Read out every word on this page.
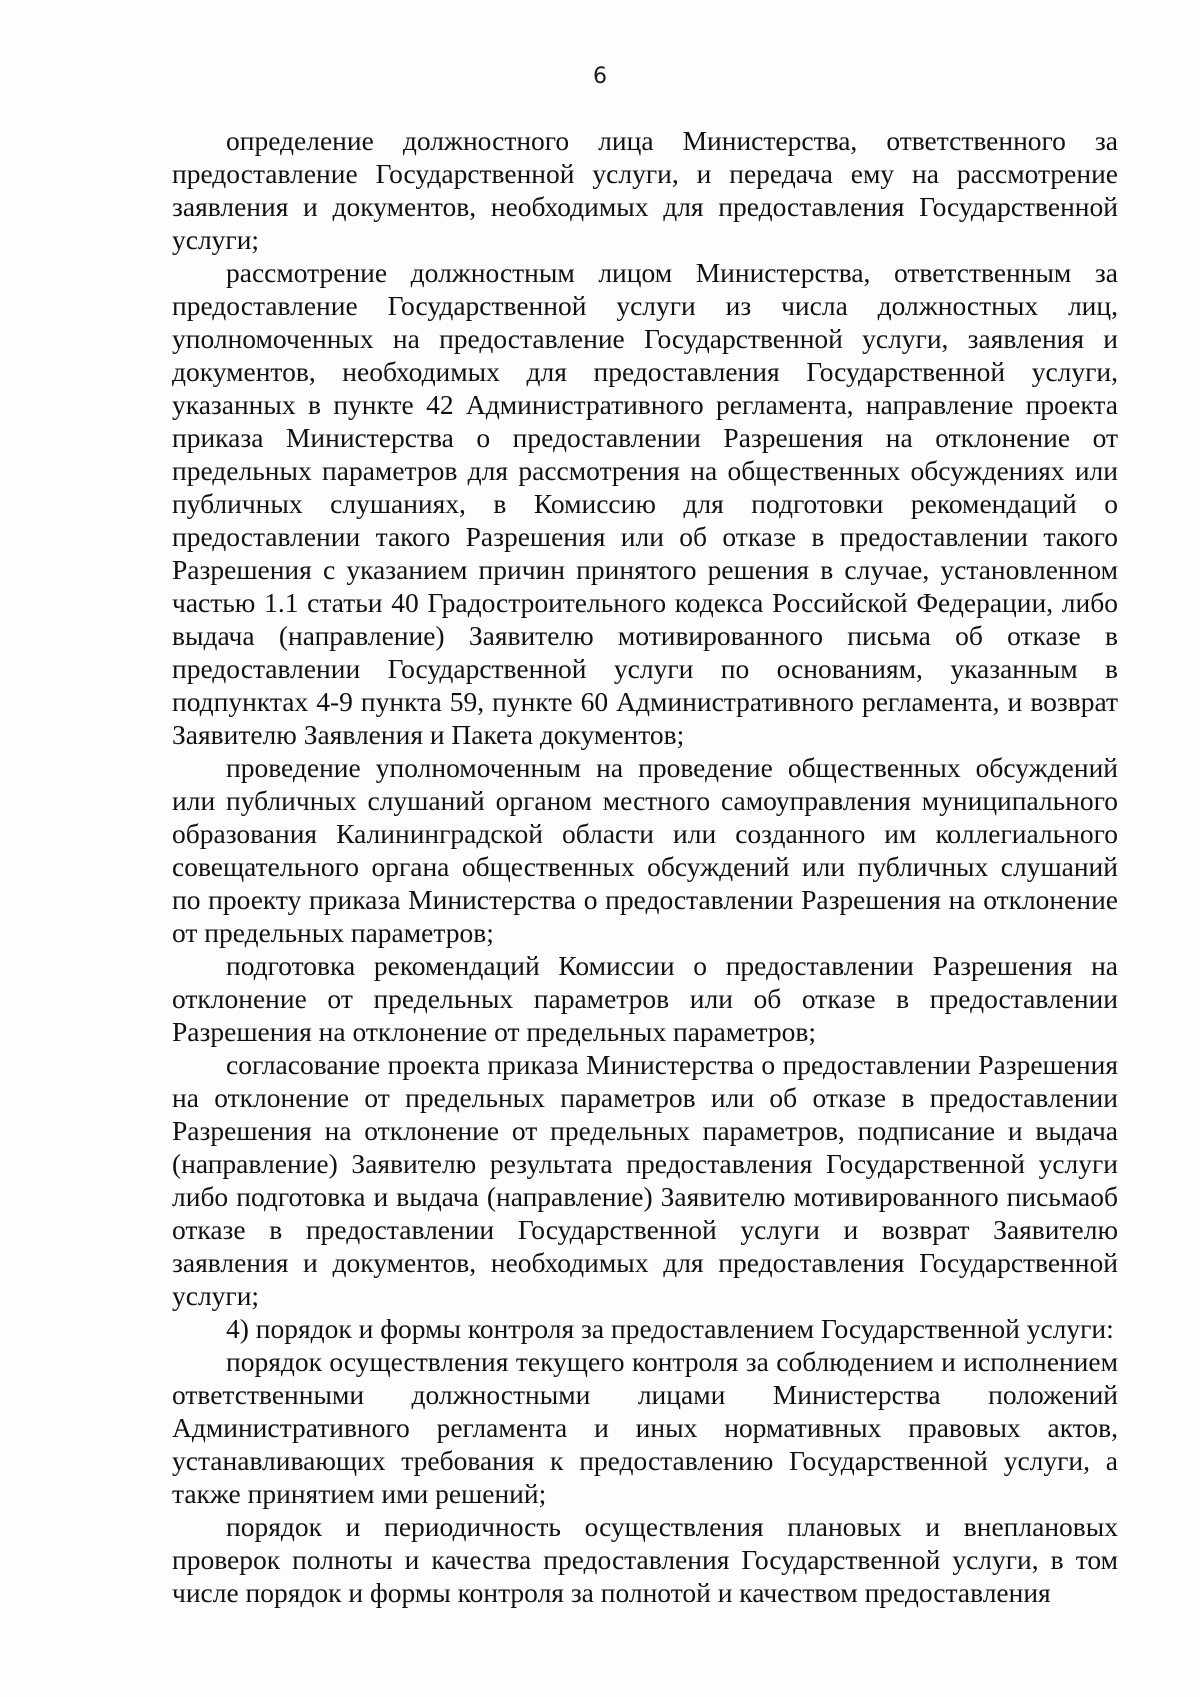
6

определение должностного лица Министерства, ответственного за предоставление Государственной услуги, и передача ему на рассмотрение заявления и документов, необходимых для предоставления Государственной услуги;

рассмотрение должностным лицом Министерства, ответственным за предоставление Государственной услуги из числа должностных лиц, уполномоченных на предоставление Государственной услуги, заявления и документов, необходимых для предоставления Государственной услуги, указанных в пункте 42 Административного регламента, направление проекта приказа Министерства о предоставлении Разрешения на отклонение от предельных параметров для рассмотрения на общественных обсуждениях или публичных слушаниях, в Комиссию для подготовки рекомендаций о предоставлении такого Разрешения или об отказе в предоставлении такого Разрешения с указанием причин принятого решения в случае, установленном частью 1.1 статьи 40 Градостроительного кодекса Российской Федерации, либо выдача (направление) Заявителю мотивированного письма об отказе в предоставлении Государственной услуги по основаниям, указанным в подпунктах 4-9 пункта 59, пункте 60 Административного регламента, и возврат Заявителю Заявления и Пакета документов;

проведение уполномоченным на проведение общественных обсуждений или публичных слушаний органом местного самоуправления муниципального образования Калининградской области или созданного им коллегиального совещательного органа общественных обсуждений или публичных слушаний по проекту приказа Министерства о предоставлении Разрешения на отклонение от предельных параметров;

подготовка рекомендаций Комиссии о предоставлении Разрешения на отклонение от предельных параметров или об отказе в предоставлении Разрешения на отклонение от предельных параметров;

согласование проекта приказа Министерства о предоставлении Разрешения на отклонение от предельных параметров или об отказе в предоставлении Разрешения на отклонение от предельных параметров, подписание и выдача (направление) Заявителю результата предоставления Государственной услуги либо подготовка и выдача (направление) Заявителю мотивированного письмаоб отказе в предоставлении Государственной услуги и возврат Заявителю заявления и документов, необходимых для предоставления Государственной услуги;

4) порядок и формы контроля за предоставлением Государственной услуги:

порядок осуществления текущего контроля за соблюдением и исполнением ответственными должностными лицами Министерства положений Административного регламента и иных нормативных правовых актов, устанавливающих требования к предоставлению Государственной услуги, а также принятием ими решений;

порядок и периодичность осуществления плановых и внеплановых проверок полноты и качества предоставления Государственной услуги, в том числе порядок и формы контроля за полнотой и качеством предоставления
